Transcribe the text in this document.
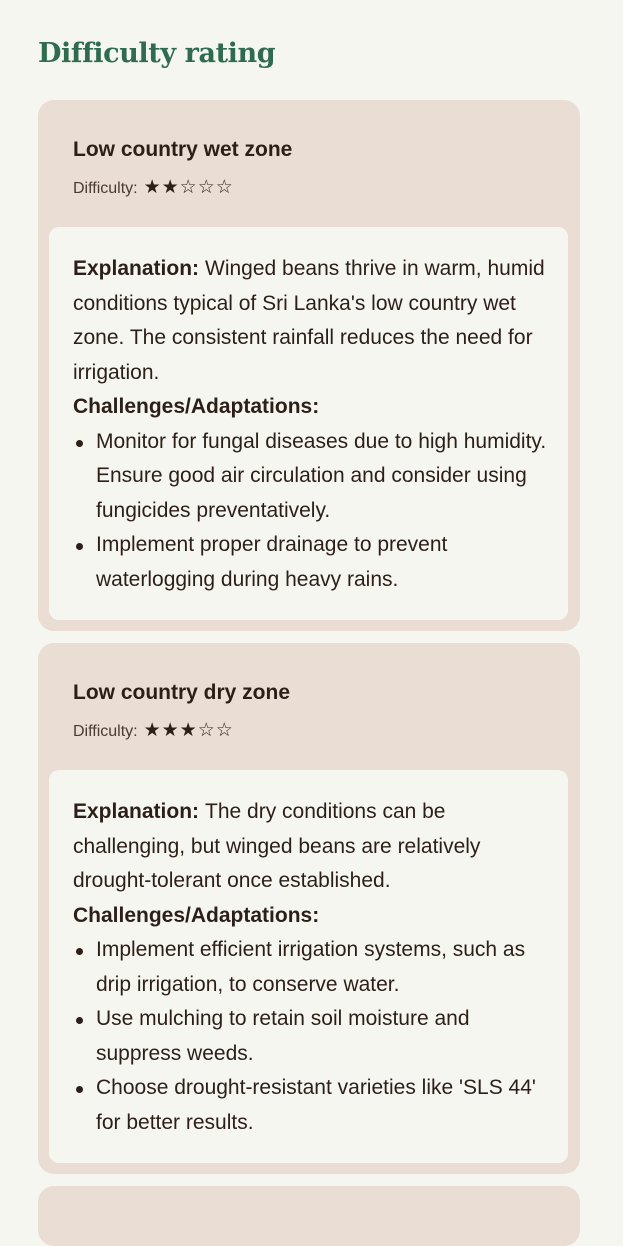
Difficulty rating
Low country wet zone
Difficulty: ★★☆☆☆

Explanation: Winged beans thrive in warm, humid conditions typical of Sri Lanka's low country wet zone. The consistent rainfall reduces the need for irrigation.

Challenges/Adaptations:

Monitor for fungal diseases due to high humidity. Ensure good air circulation and consider using fungicides preventatively.
Implement proper drainage to prevent waterlogging during heavy rains.
Low country dry zone
Difficulty: ★★★☆☆

Explanation: The dry conditions can be challenging, but winged beans are relatively drought-tolerant once established.

Challenges/Adaptations:

Implement efficient irrigation systems, such as drip irrigation, to conserve water.
Use mulching to retain soil moisture and suppress weeds.
Choose drought-resistant varieties like 'SLS 44' for better results.
